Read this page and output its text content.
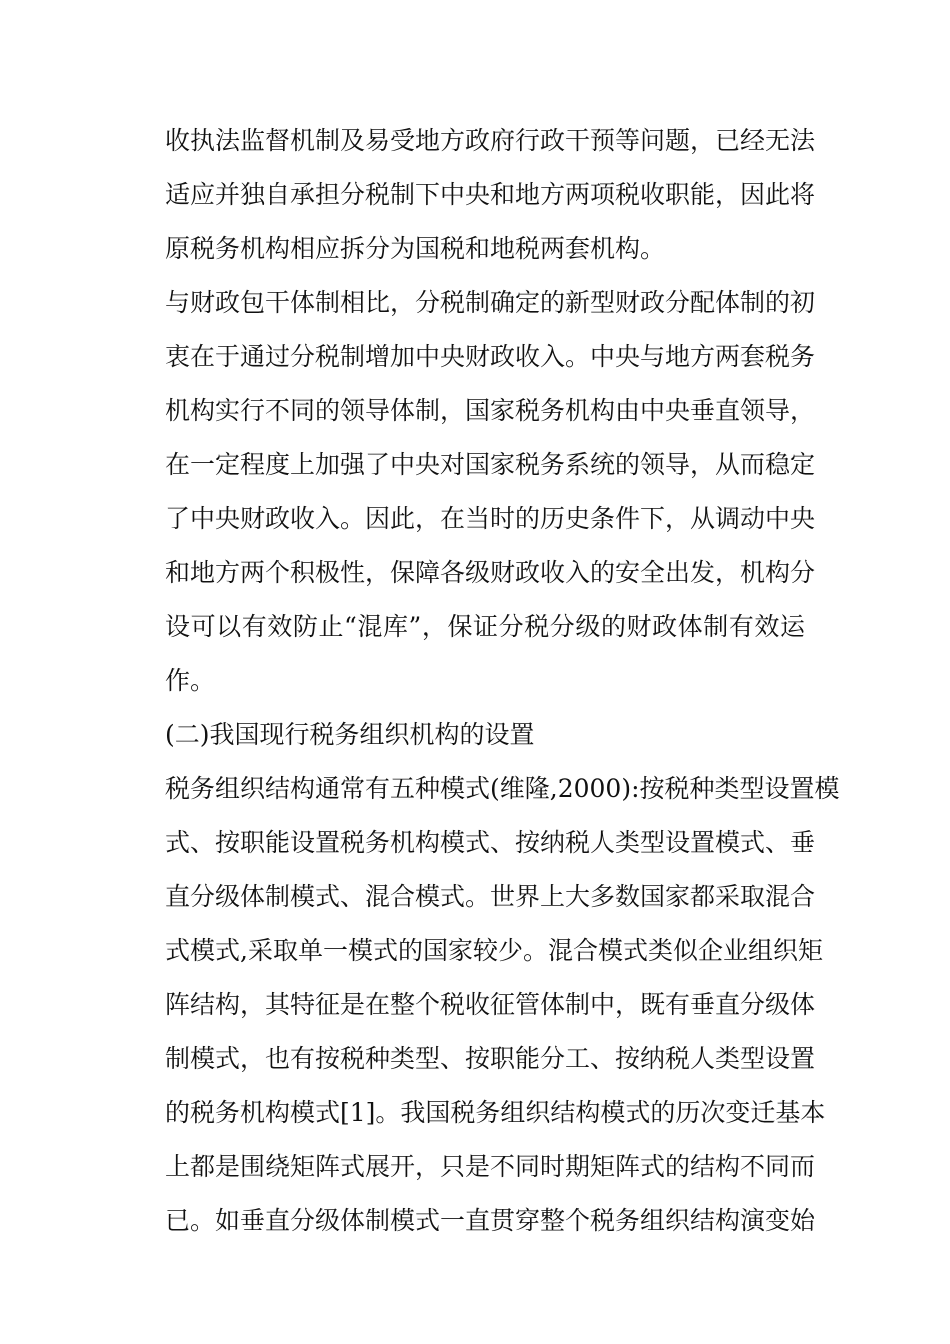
收执法监督机制及易受地方政府行政干预等问题，已经无法
适应并独自承担分税制下中央和地方两项税收职能，因此将
原税务机构相应拆分为国税和地税两套机构。
与财政包干体制相比，分税制确定的新型财政分配体制的初
衷在于通过分税制增加中央财政收入。中央与地方两套税务
机构实行不同的领导体制，国家税务机构由中央垂直领导，
在一定程度上加强了中央对国家税务系统的领导，从而稳定
了中央财政收入。因此，在当时的历史条件下，从调动中央
和地方两个积极性，保障各级财政收入的安全出发，机构分
设可以有效防止“混库”，保证分税分级的财政体制有效运
作。
(二)我国现行税务组织机构的设置
税务组织结构通常有五种模式(维隆,2000):按税种类型设置模
式、按职能设置税务机构模式、按纳税人类型设置模式、垂
直分级体制模式、混合模式。世界上大多数国家都采取混合
式模式,采取单一模式的国家较少。混合模式类似企业组织矩
阵结构，其特征是在整个税收征管体制中，既有垂直分级体
制模式，也有按税种类型、按职能分工、按纳税人类型设置
的税务机构模式[1]。我国税务组织结构模式的历次变迁基本
上都是围绕矩阵式展开，只是不同时期矩阵式的结构不同而
已。如垂直分级体制模式一直贯穿整个税务组织结构演变始
